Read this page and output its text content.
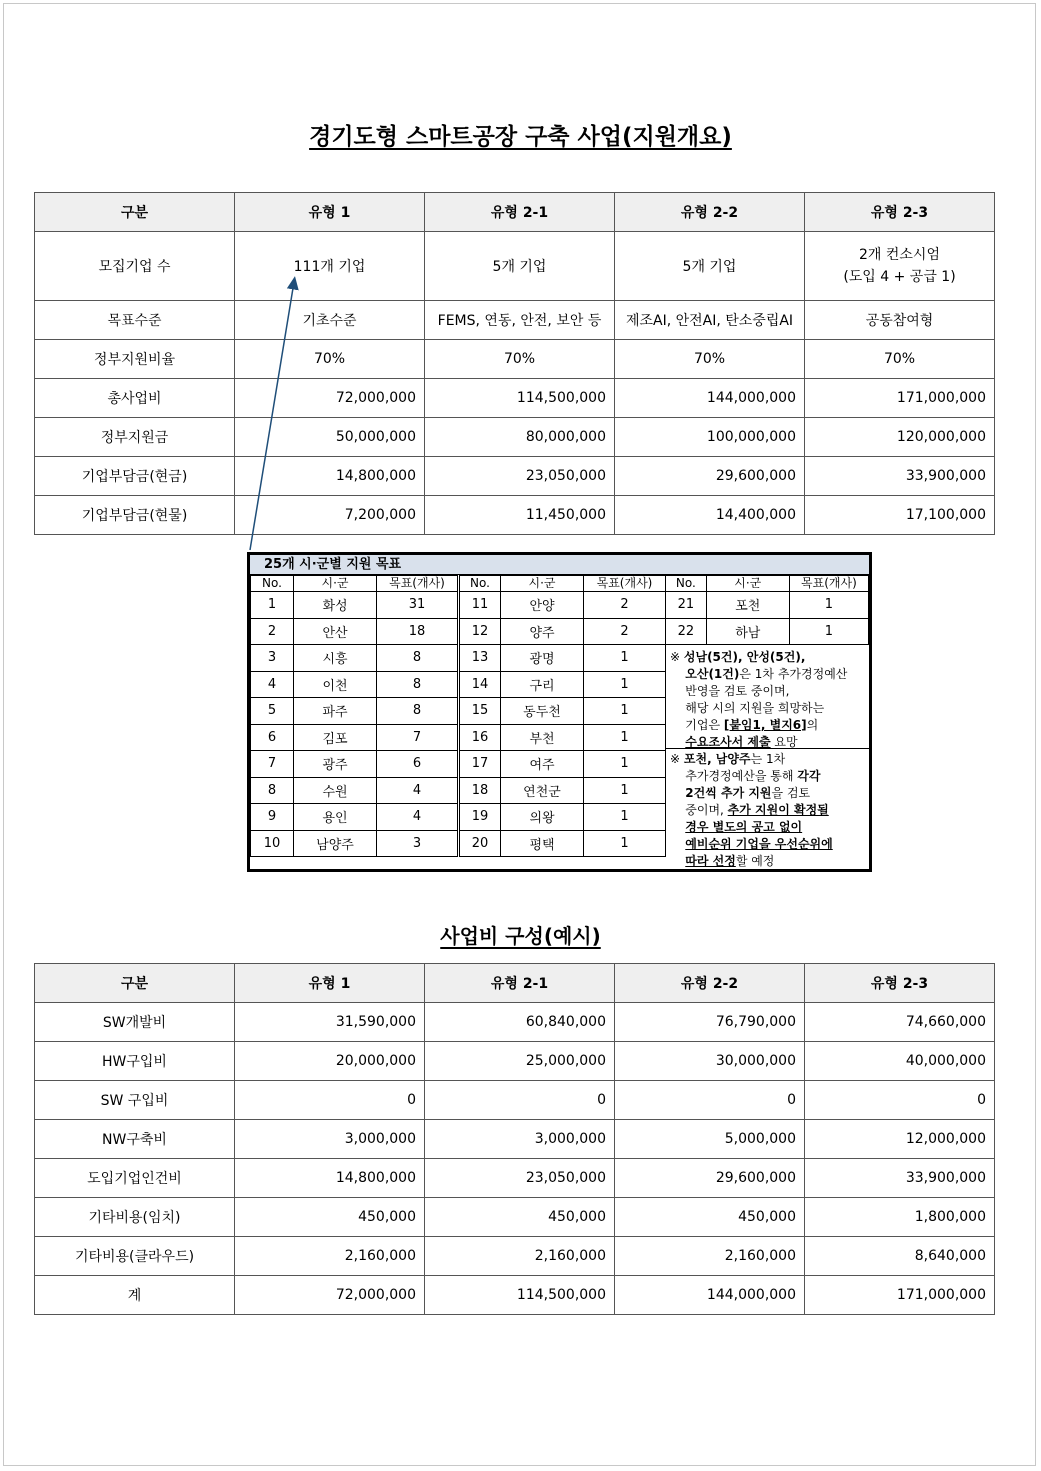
경기도형 스마트공장 구축 사업(지원개요)
구분	유형 1	유형 2-1	유형 2-2	유형 2-3
모집기업 수	111개 기업	5개 기업	5개 기업	2개 컨소시엄
(도입 4 + 공급 1)
목표수준	기초수준	FEMS, 연동, 안전, 보안 등	제조AI, 안전AI, 탄소중립AI	공동참여형
정부지원비율	70%	70%	70%	70%
총사업비	72,000,000	114,500,000	144,000,000	171,000,000
정부지원금	50,000,000	80,000,000	100,000,000	120,000,000
기업부담금(현금)	14,800,000	23,050,000	29,600,000	33,900,000
기업부담금(현물)	7,200,000	11,450,000	14,400,000	17,100,000
25개 시·군별 지원 목표
No.	시·군	목표(개사)
1	화성	31
2	안산	18
3	시흥	8
4	이천	8
5	파주	8
6	김포	7
7	광주	6
8	수원	4
9	용인	4
10	남양주	3
No.	시·군	목표(개사)
11	안양	2
12	양주	2
13	광명	1
14	구리	1
15	동두천	1
16	부천	1
17	여주	1
18	연천군	1
19	의왕	1
20	평택	1
No.	시·군	목표(개사)
21	포천	1
22	하남	1
※ 성남(5건), 안성(5건),
오산(1건)은 1차 추가경정예산
반영을 검토 중이며,
해당 시의 지원을 희망하는
기업은 [붙임1, 별지6]의
수요조사서 제출 요망
※ 포천, 남양주는 1차
추가경정예산을 통해 각각
2건씩 추가 지원을 검토
중이며, 추가 지원이 확정될
경우 별도의 공고 없이
예비순위 기업을 우선순위에
따라 선정할 예정
사업비 구성(예시)
구분	유형 1	유형 2-1	유형 2-2	유형 2-3
SW개발비	31,590,000	60,840,000	76,790,000	74,660,000
HW구입비	20,000,000	25,000,000	30,000,000	40,000,000
SW 구입비	0	0	0	0
NW구축비	3,000,000	3,000,000	5,000,000	12,000,000
도입기업인건비	14,800,000	23,050,000	29,600,000	33,900,000
기타비용(임치)	450,000	450,000	450,000	1,800,000
기타비용(클라우드)	2,160,000	2,160,000	2,160,000	8,640,000
계	72,000,000	114,500,000	144,000,000	171,000,000
